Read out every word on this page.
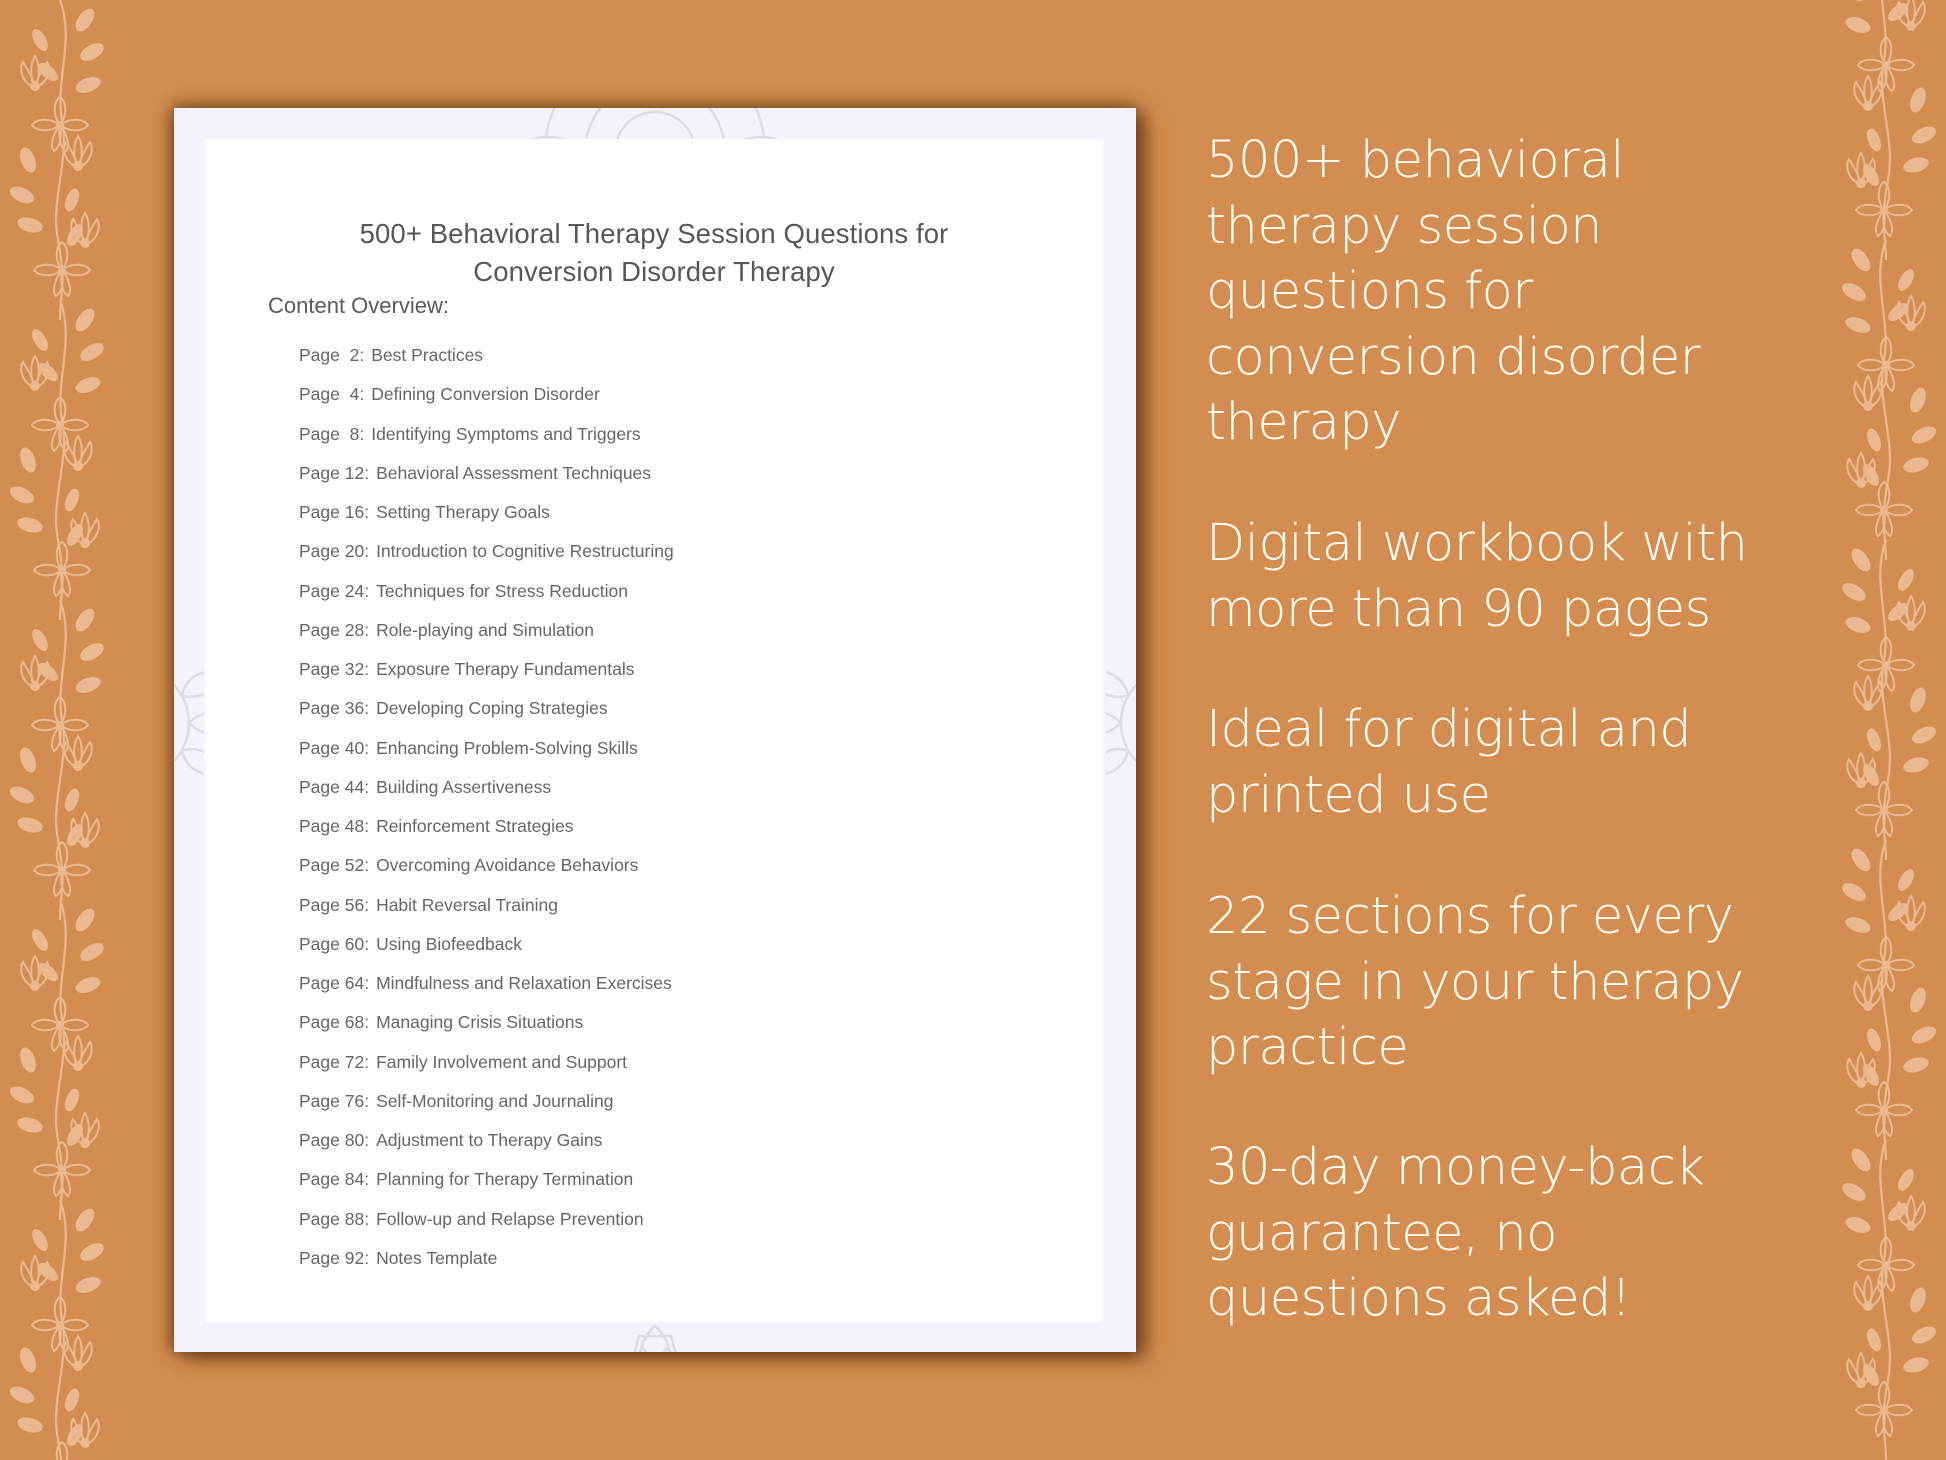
500+ Behavioral Therapy Session Questions for
Conversion Disorder Therapy
Content Overview:
Page  2: Best Practices
Page  4: Defining Conversion Disorder
Page  8: Identifying Symptoms and Triggers
Page 12: Behavioral Assessment Techniques
Page 16: Setting Therapy Goals
Page 20: Introduction to Cognitive Restructuring
Page 24: Techniques for Stress Reduction
Page 28: Role-playing and Simulation
Page 32: Exposure Therapy Fundamentals
Page 36: Developing Coping Strategies
Page 40: Enhancing Problem-Solving Skills
Page 44: Building Assertiveness
Page 48: Reinforcement Strategies
Page 52: Overcoming Avoidance Behaviors
Page 56: Habit Reversal Training
Page 60: Using Biofeedback
Page 64: Mindfulness and Relaxation Exercises
Page 68: Managing Crisis Situations
Page 72: Family Involvement and Support
Page 76: Self-Monitoring and Journaling
Page 80: Adjustment to Therapy Gains
Page 84: Planning for Therapy Termination
Page 88: Follow-up and Relapse Prevention
Page 92: Notes Template
500+ behavioral
therapy session
questions for
conversion disorder
therapy
Digital workbook with
more than 90 pages
Ideal for digital and
printed use
22 sections for every
stage in your therapy
practice
30-day money-back
guarantee, no
questions asked!
